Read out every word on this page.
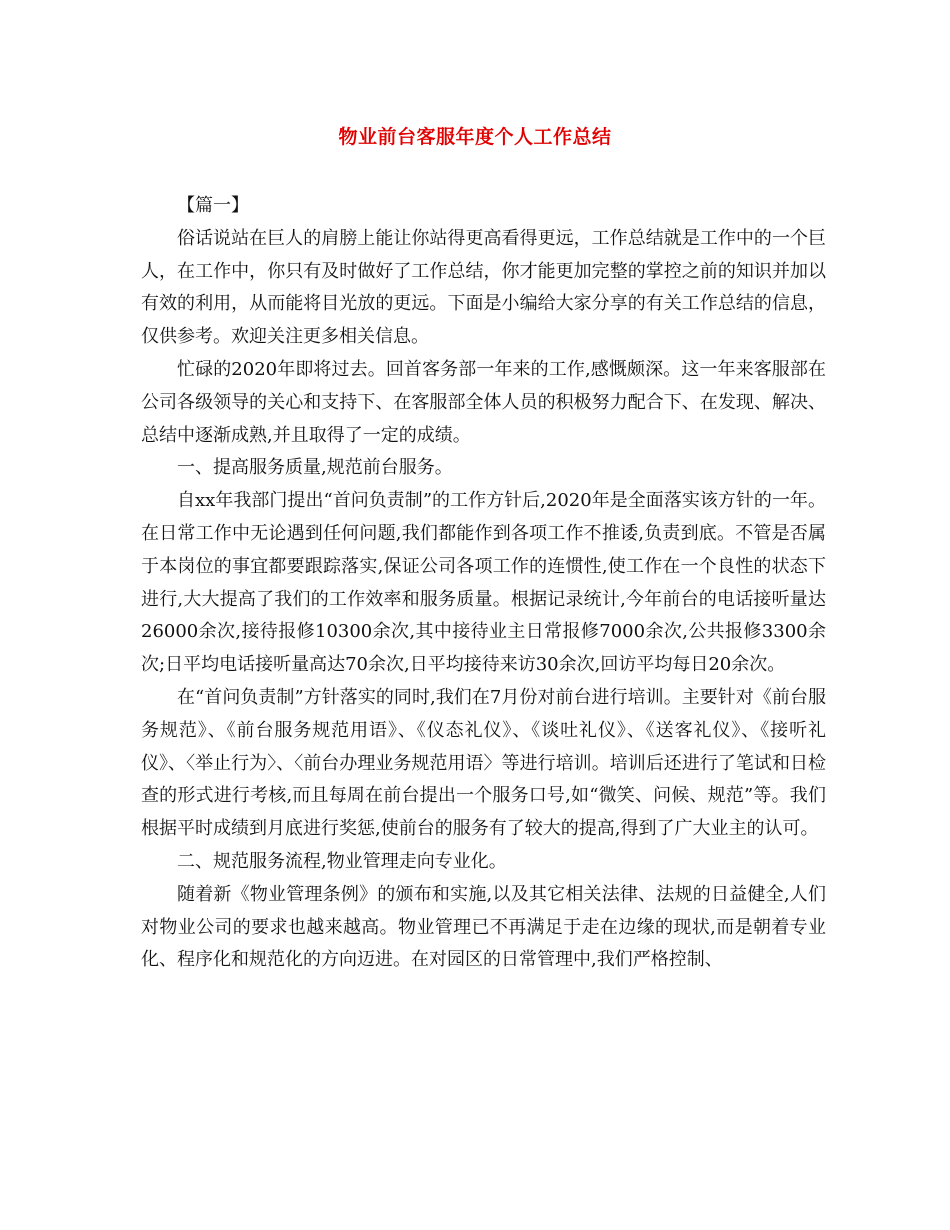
物业前台客服年度个人工作总结

【篇一】

俗话说站在巨人的肩膀上能让你站得更高看得更远，工作总结就是工作中的一个巨人，在工作中，你只有及时做好了工作总结，你才能更加完整的掌控之前的知识并加以有效的利用，从而能将目光放的更远。下面是小编给大家分享的有关工作总结的信息，仅供参考。欢迎关注更多相关信息。

忙碌的2020年即将过去。回首客务部一年来的工作,感慨颇深。这一年来客服部在公司各级领导的关心和支持下、在客服部全体人员的积极努力配合下、在发现、解决、总结中逐渐成熟,并且取得了一定的成绩。

一、提高服务质量,规范前台服务。

自xx年我部门提出“首问负责制”的工作方针后,2020年是全面落实该方针的一年。在日常工作中无论遇到任何问题,我们都能作到各项工作不推诿,负责到底。不管是否属于本岗位的事宜都要跟踪落实,保证公司各项工作的连惯性,使工作在一个良性的状态下进行,大大提高了我们的工作效率和服务质量。根据记录统计,今年前台的电话接听量达26000余次,接待报修10300余次,其中接待业主日常报修7000余次,公共报修3300余次;日平均电话接听量高达70余次,日平均接待来访30余次,回访平均每日20余次。

在“首问负责制”方针落实的同时,我们在7月份对前台进行培训。主要针对《前台服务规范》、《前台服务规范用语》、《仪态礼仪》、《谈吐礼仪》、《送客礼仪》、《接听礼仪》、〈举止行为〉、〈前台办理业务规范用语〉等进行培训。培训后还进行了笔试和日检查的形式进行考核,而且每周在前台提出一个服务口号,如“微笑、问候、规范”等。我们根据平时成绩到月底进行奖惩,使前台的服务有了较大的提高,得到了广大业主的认可。

二、规范服务流程,物业管理走向专业化。

随着新《物业管理条例》的颁布和实施,以及其它相关法律、法规的日益健全,人们对物业公司的要求也越来越高。物业管理已不再满足于走在边缘的现状,而是朝着专业化、程序化和规范化的方向迈进。在对园区的日常管理中,我们严格控制、
